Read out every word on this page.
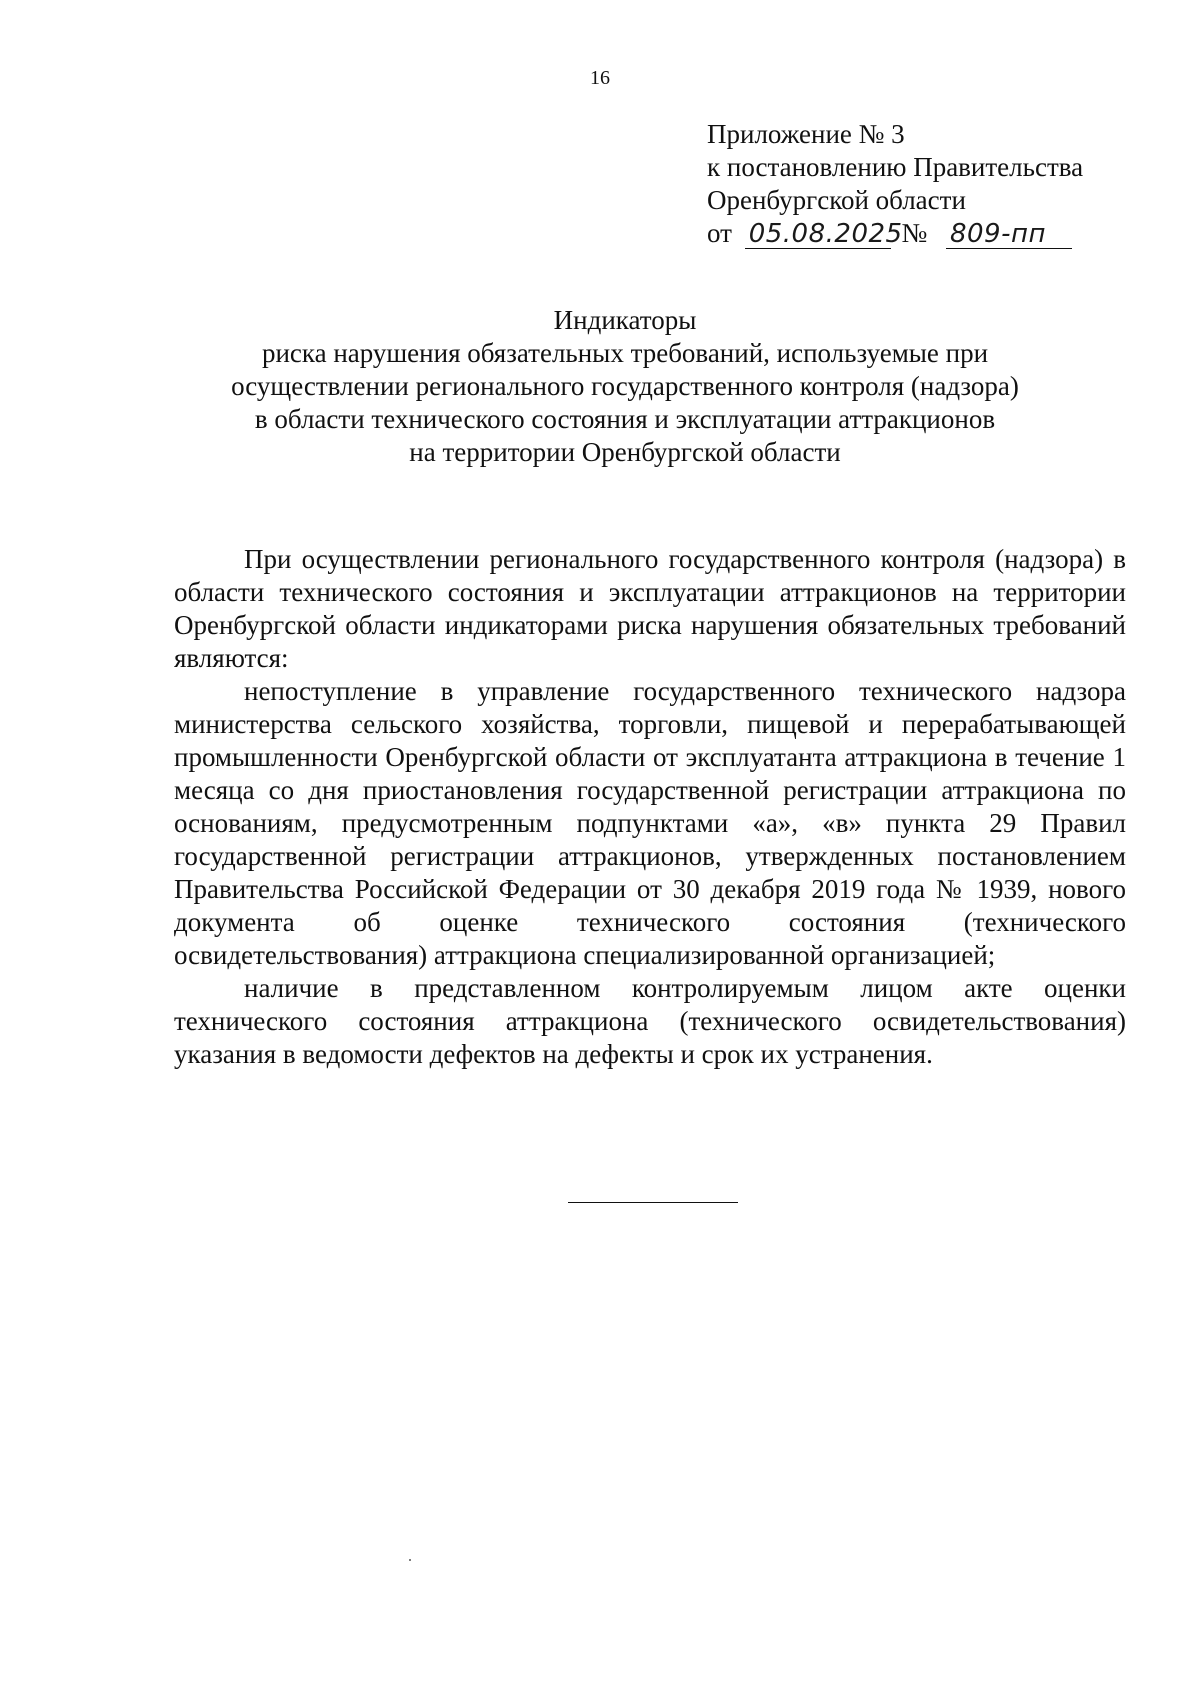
16
Приложение № 3
к постановлению Правительства
Оренбургской области
от 05.08.2025 № 809-пп
Индикаторы
риска нарушения обязательных требований, используемые при
осуществлении регионального государственного контроля (надзора)
в области технического состояния и эксплуатации аттракционов
на территории Оренбургской области

При осуществлении регионального государственного контроля (надзора) в области технического состояния и эксплуатации аттракционов на территории Оренбургской области индикаторами риска нарушения обязательных требований являются:

непоступление в управление государственного технического надзора министерства сельского хозяйства, торговли, пищевой и перерабатывающей промышленности Оренбургской области от эксплуатанта аттракциона в течение 1 месяца со дня приостановления государственной регистрации аттракциона по основаниям, предусмотренным подпунктами «а», «в» пункта 29 Правил государственной регистрации аттракционов, утвержденных постановлением Правительства Российской Федерации от 30 декабря 2019 года № 1939, нового документа об оценке технического состояния (технического освидетельствования) аттракциона специализированной организацией;

наличие в представленном контролируемым лицом акте оценки технического состояния аттракциона (технического освидетельствования) указания в ведомости дефектов на дефекты и срок их устранения.
